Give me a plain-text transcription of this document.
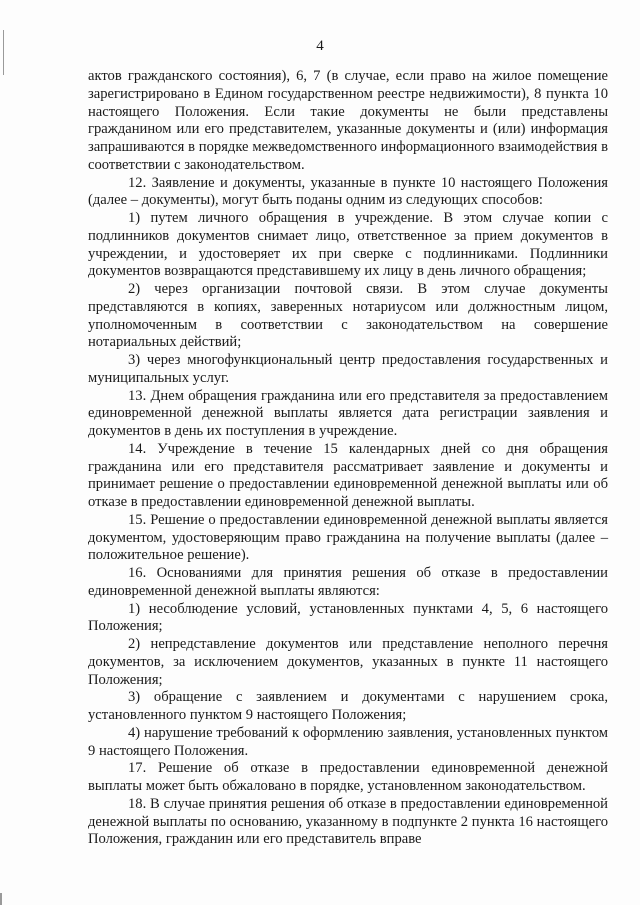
4

актов гражданского состояния), 6, 7 (в случае, если право на жилое помещение зарегистрировано в Едином государственном реестре недвижимости), 8 пункта 10 настоящего Положения. Если такие документы не были представлены гражданином или его представителем, указанные документы и (или) информация запрашиваются в порядке межведомственного информационного взаимодействия в соответствии с законодательством.

12. Заявление и документы, указанные в пункте 10 настоящего Положения (далее – документы), могут быть поданы одним из следующих способов:

1) путем личного обращения в учреждение. В этом случае копии с подлинников документов снимает лицо, ответственное за прием документов в учреждении, и удостоверяет их при сверке с подлинниками. Подлинники документов возвращаются представившему их лицу в день личного обращения;

2) через организации почтовой связи. В этом случае документы представляются в копиях, заверенных нотариусом или должностным лицом, уполномоченным в соответствии с законодательством на совершение нотариальных действий;

3) через многофункциональный центр предоставления государственных и муниципальных услуг.

13. Днем обращения гражданина или его представителя за предоставлением единовременной денежной выплаты является дата регистрации заявления и документов в день их поступления в учреждение.

14. Учреждение в течение 15 календарных дней со дня обращения гражданина или его представителя рассматривает заявление и документы и принимает решение о предоставлении единовременной денежной выплаты или об отказе в предоставлении единовременной денежной выплаты.

15. Решение о предоставлении единовременной денежной выплаты является документом, удостоверяющим право гражданина на получение выплаты (далее – положительное решение).

16. Основаниями для принятия решения об отказе в предоставлении единовременной денежной выплаты являются:

1) несоблюдение условий, установленных пунктами 4, 5, 6 настоящего Положения;

2) непредставление документов или представление неполного перечня документов, за исключением документов, указанных в пункте 11 настоящего Положения;

3) обращение с заявлением и документами с нарушением срока, установленного пунктом 9 настоящего Положения;

4) нарушение требований к оформлению заявления, установленных пунктом 9 настоящего Положения.

17. Решение об отказе в предоставлении единовременной денежной выплаты может быть обжаловано в порядке, установленном законодательством.

18. В случае принятия решения об отказе в предоставлении единовременной денежной выплаты по основанию, указанному в подпункте 2 пункта 16 настоящего Положения, гражданин или его представитель вправе
